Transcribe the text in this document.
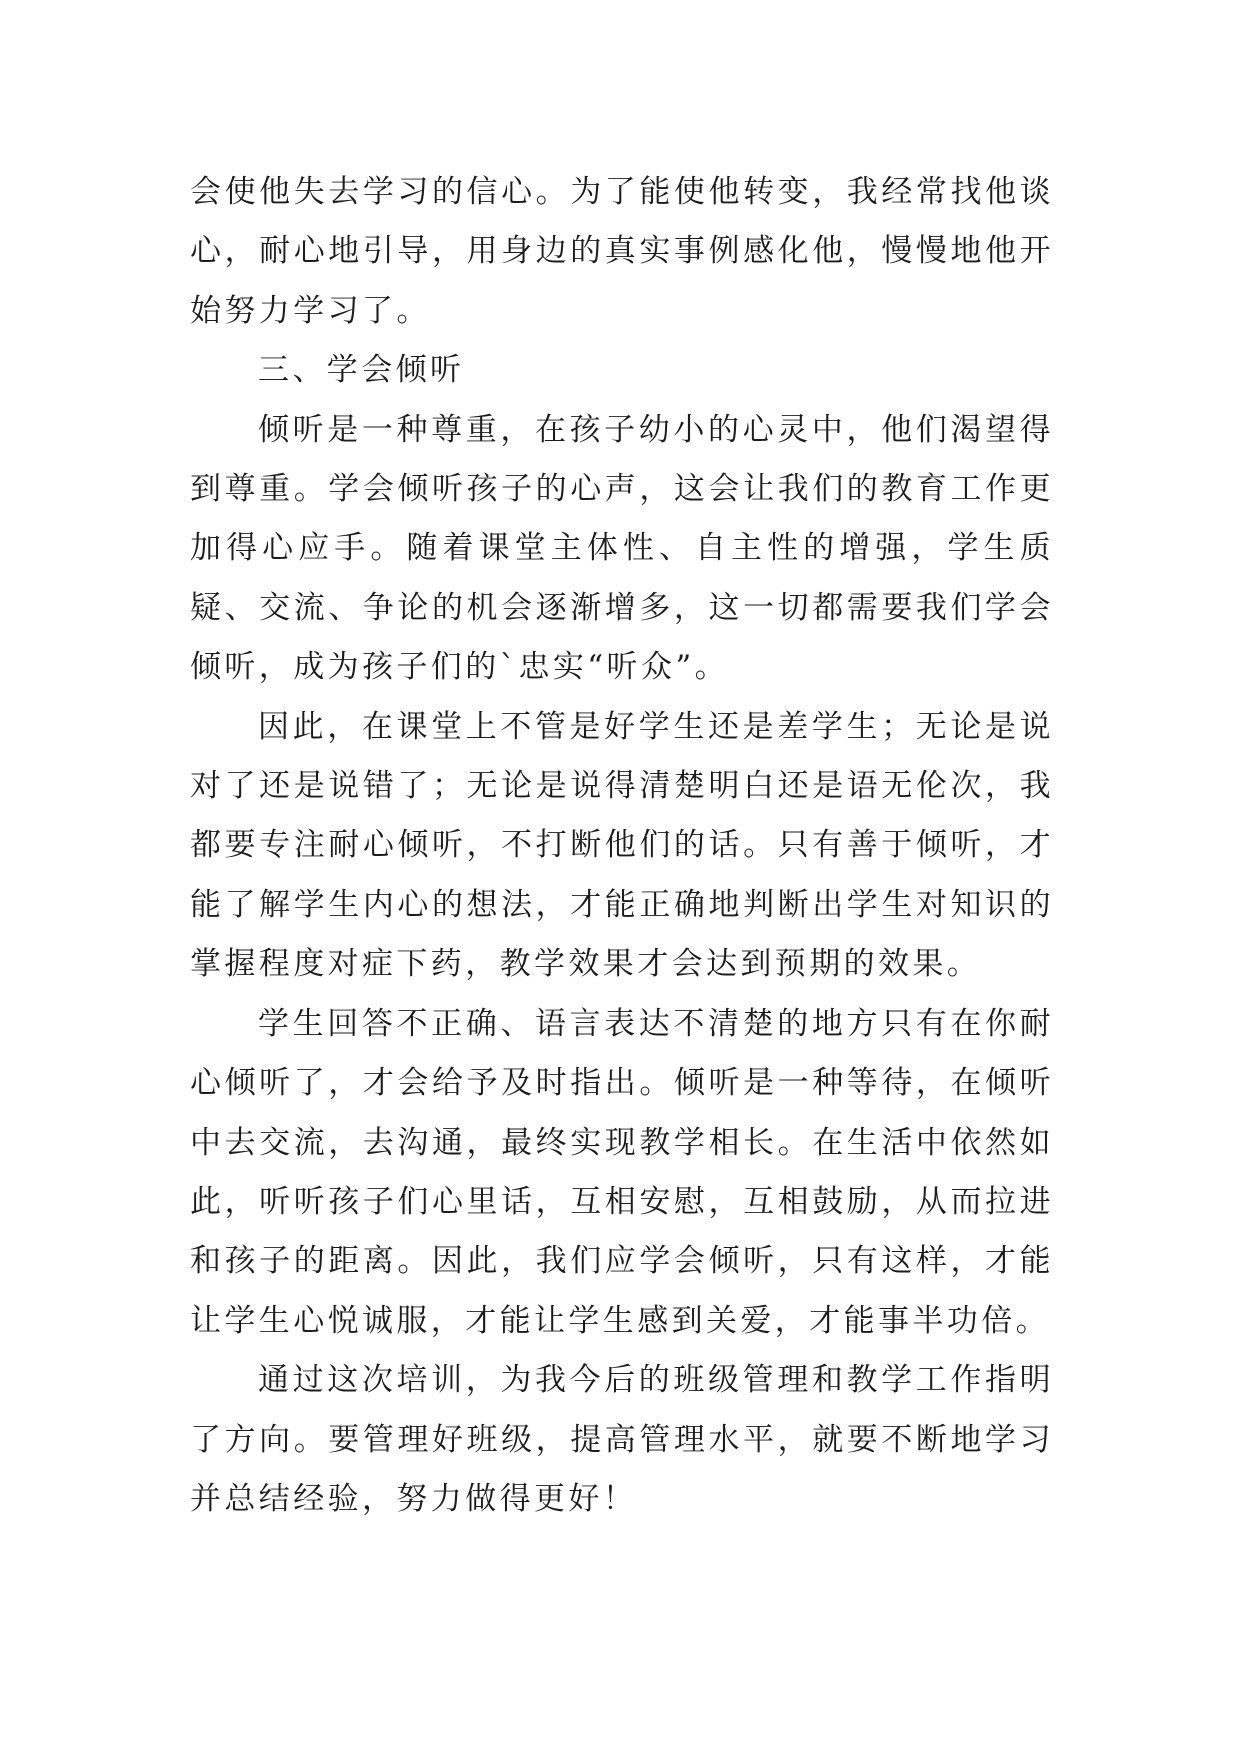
会使他失去学习的信心。为了能使他转变，我经常找他谈心，耐心地引导，用身边的真实事例感化他，慢慢地他开始努力学习了。

三、学会倾听

倾听是一种尊重，在孩子幼小的心灵中，他们渴望得到尊重。学会倾听孩子的心声，这会让我们的教育工作更加得心应手。随着课堂主体性、自主性的增强，学生质疑、交流、争论的机会逐渐增多，这一切都需要我们学会倾听，成为孩子们的`忠实“听众”。

因此，在课堂上不管是好学生还是差学生；无论是说对了还是说错了；无论是说得清楚明白还是语无伦次，我都要专注耐心倾听，不打断他们的话。只有善于倾听，才能了解学生内心的想法，才能正确地判断出学生对知识的掌握程度对症下药，教学效果才会达到预期的效果。

学生回答不正确、语言表达不清楚的地方只有在你耐心倾听了，才会给予及时指出。倾听是一种等待，在倾听中去交流，去沟通，最终实现教学相长。在生活中依然如此，听听孩子们心里话，互相安慰，互相鼓励，从而拉进和孩子的距离。因此，我们应学会倾听，只有这样，才能让学生心悦诚服，才能让学生感到关爱，才能事半功倍。

通过这次培训，为我今后的班级管理和教学工作指明了方向。要管理好班级，提高管理水平，就要不断地学习并总结经验，努力做得更好！
